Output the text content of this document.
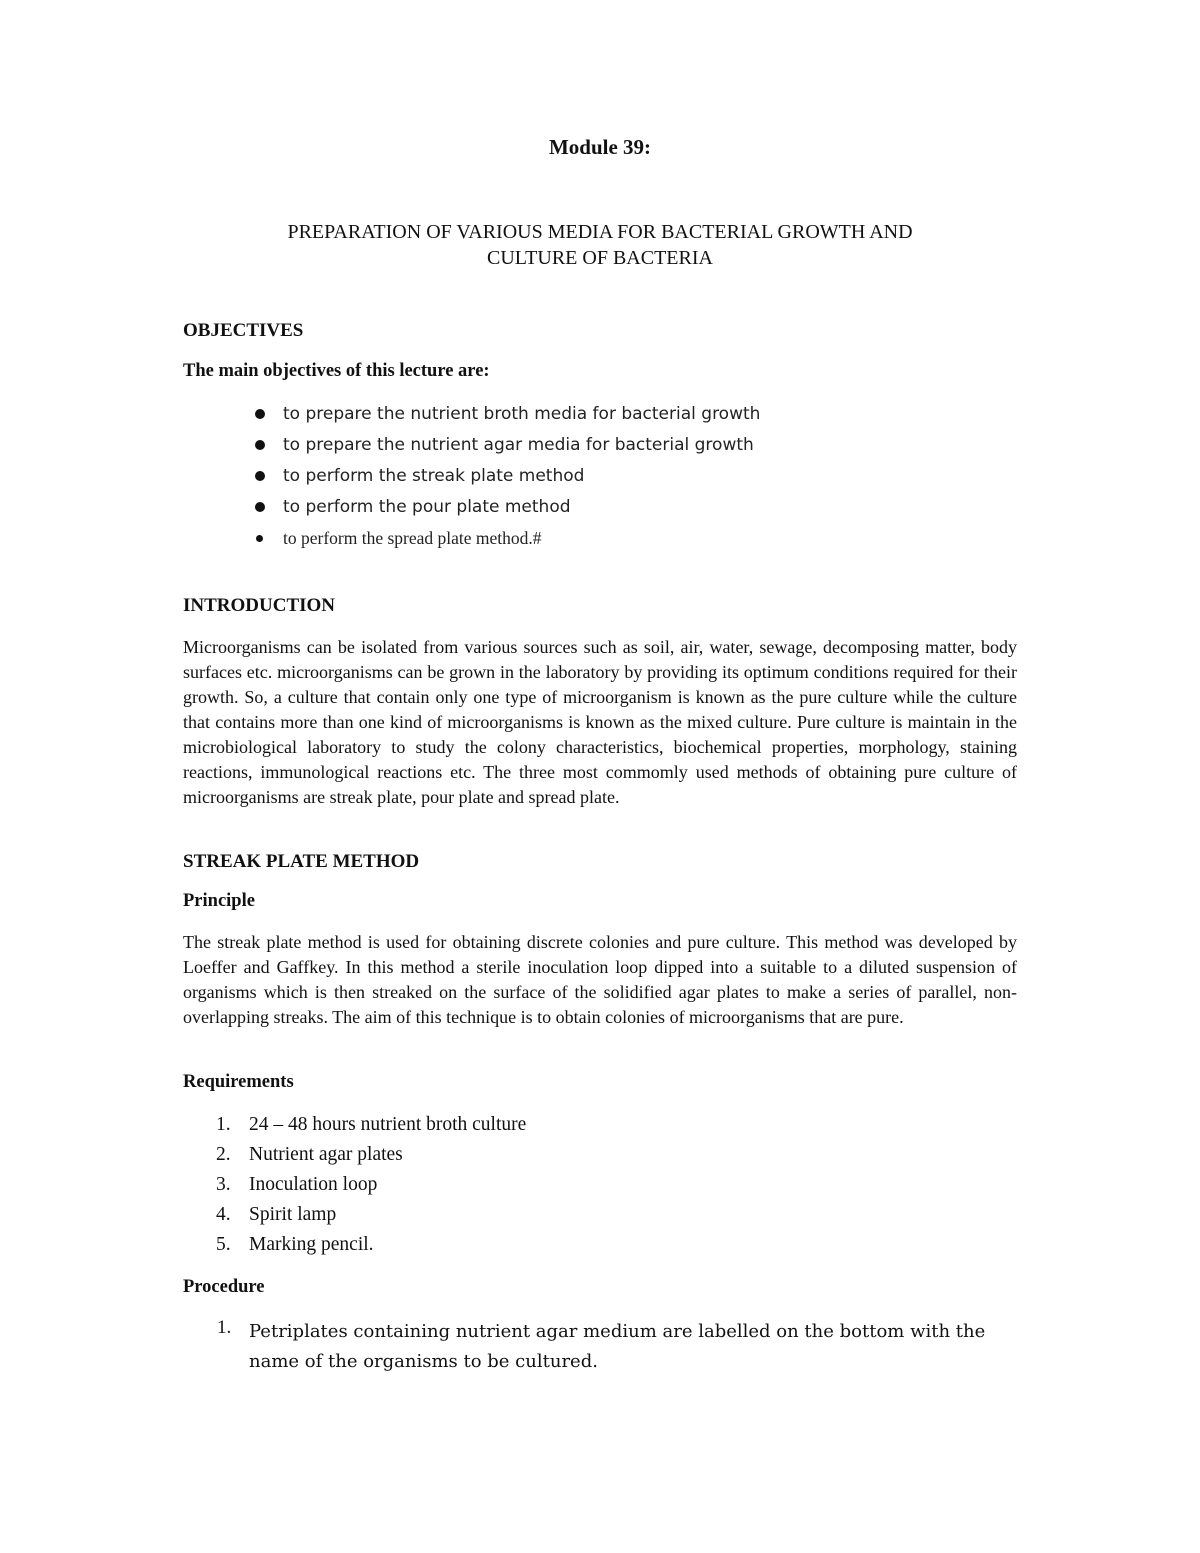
Module 39:
PREPARATION OF VARIOUS MEDIA FOR BACTERIAL GROWTH AND
CULTURE OF BACTERIA
OBJECTIVES
The main objectives of this lecture are:
to prepare the nutrient broth media for bacterial growth
to prepare the nutrient agar media for bacterial growth
to perform the streak plate method
to perform the pour plate method
to perform the spread plate method.#
INTRODUCTION

Microorganisms can be isolated from various sources such as soil, air, water, sewage, decomposing matter, body surfaces etc. microorganisms can be grown in the laboratory by providing its optimum conditions required for their growth. So, a culture that contain only one type of microorganism is known as the pure culture while the culture that contains more than one kind of microorganisms is known as the mixed culture. Pure culture is maintain in the microbiological laboratory to study the colony characteristics, biochemical properties, morphology, staining reactions, immunological reactions etc. The three most commomly used methods of obtaining pure culture of microorganisms are streak plate, pour plate and spread plate.

STREAK PLATE METHOD
Principle

The streak plate method is used for obtaining discrete colonies and pure culture. This method was developed by Loeffer and Gaffkey. In this method a sterile inoculation loop dipped into a suitable to a diluted suspension of organisms which is then streaked on the surface of the solidified agar plates to make a series of parallel, non-overlapping streaks. The aim of this technique is to obtain colonies of microorganisms that are pure.

Requirements
1. 24 – 48 hours nutrient broth culture
2. Nutrient agar plates
3. Inoculation loop
4. Spirit lamp
5. Marking pencil.
Procedure
1. Petriplates containing nutrient agar medium are labelled on the bottom with the name of the organisms to be cultured.
